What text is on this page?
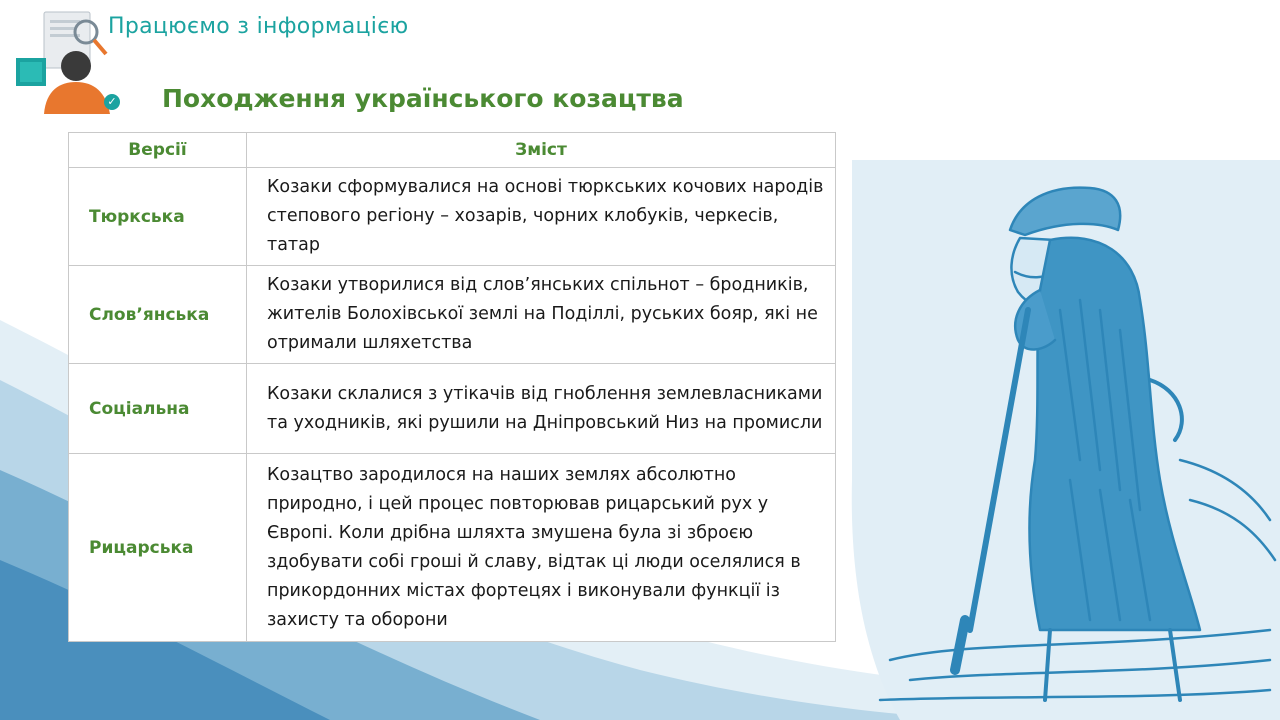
Працюємо з інформацією
✓ Походження українського козацтва
Версії	Зміст
Тюркська	Козаки сформувалися на основі тюркських кочових народів степового регіону – хозарів, чорних клобуків, черкесів, татар
Слов’янська	Козаки утворилися від слов’янських спільнот – бродників, жителів Болохівської землі на Поділлі, руських бояр, які не отримали шляхетства
Соціальна	Козаки склалися з утікачів від гноблення землевласниками та уходників, які рушили на Дніпровський Низ на промисли
Рицарська	Козацтво зародилося на наших землях абсолютно природно, і цей процес повторював рицарський рух у Європі. Коли дрібна шляхта змушена була зі зброєю здобувати собі гроші й славу, відтак ці люди оселялися в прикордонних містах фортецях і виконували функції із захисту та оборони
